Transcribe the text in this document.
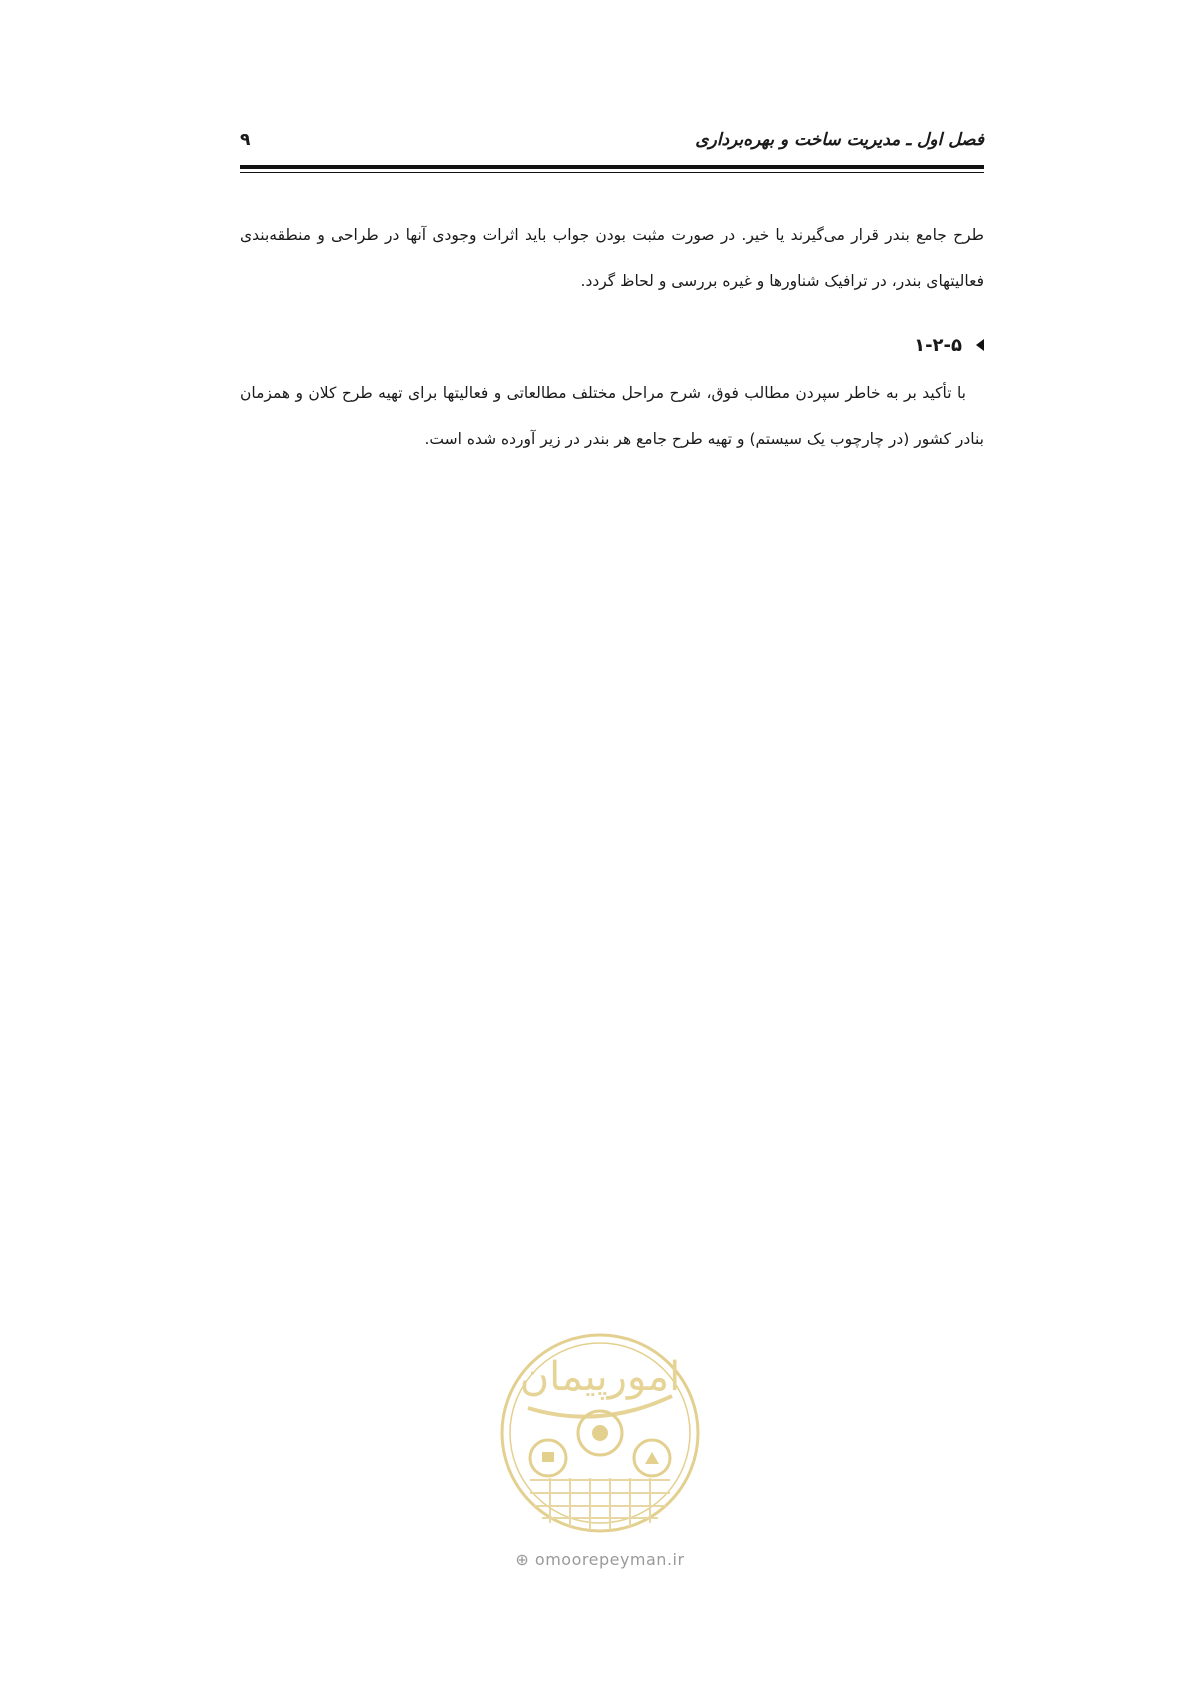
فصل اول ـ مدیریت ساخت و بهره‌برداری
۹
طرح جامع بندر قرار می‌گیرند یا خیر. در صورت مثبت بودن جواب باید اثرات وجودی آنها در طراحی و منطقه‌بندی فعالیتهای بندر، در ترافیک شناورها و غیره بررسی و لحاظ گردد.
۱-۲-۵
با تأکید بر به خاطر سپردن مطالب فوق، شرح مراحل مختلف مطالعاتی و فعالیتها برای تهیه طرح کلان و همزمان بنادر کشور (در چارچوب یک سیستم) و تهیه طرح جامع هر بندر در زیر آورده شده است.
امورپیمان
⊕ omoorepeyman.ir
